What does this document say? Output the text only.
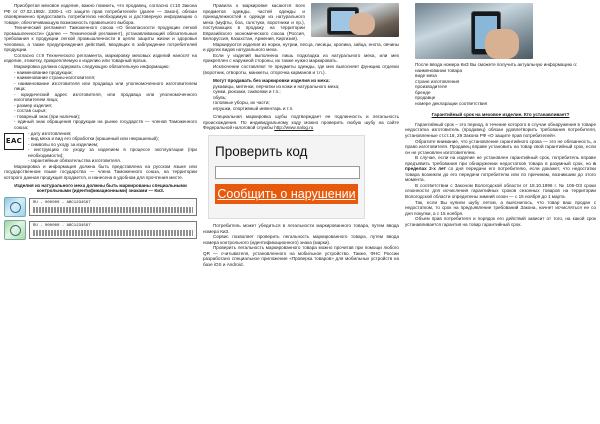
Приобретая меховое изделие, важно помнить, что продавец, согласно ст.10 Закона РФ от 07.02.1992г. 2300-1 «О защите прав потребителей» (далее — Закон), обязан своевременно предоставить потребителю необходимую и достоверную информацию о товаре, обеспечивающую возможность правильного выбора.

Технический регламент Таможенного союза «О безопасности продукции легкой промышленности» (далее — Технический регламент), устанавливающий обязательные требования к продукции легкой промышленности в целях защиты жизни и здоровья человека, а также предупреждения действий, вводящих в заблуждение потребителей продукции.

Согласно ст.9 Технического регламента, маркировку меховых изделий наносят на изделие, этикетку, прикрепляемую к изделию или товарный ярлык.

Маркировка должна содержать следующую обязательную информацию:

- наименование продукции;

- наименование страны-изготовителя;

- наименование изготовителя или продавца или уполномоченного изготовителем лица;

- юридический адрес изготовителя, или продавца или уполномоченного изготовителем лица;

- размер изделия;

- состав сырья;

- товарный знак (при наличии);

- единый знак обращения продукции на рынке государств — членов Таможенного союза;

EAC

- дату изготовления;

- вид меха и вид его обработки (крашеный или некрашеный);

- символы по уходу за изделием;

- инструкцию по уходу за изделием в процессе эксплуатации (при необходимости);

- гарантийные обязательства изготовителя.

Маркировка и информация должна быть представлена на русском языке или государственном языке государства — члена Таможенного союза, на территории которого данная продукция продается, и нанесена в удобном для прочтения месте.

Изделия из натурального меха должны быть маркированы специальными контрольными (идентификационными) знаками — КиЗ.

RU - 000000 - ABC1234567
RU - 000000 - ABC1234567

Правила о маркировке касаются всех предметов одежды, частей одежды и принадлежностей к одежде из натурального меха (муфты, боа, галстуки, воротники и пр.), поступающих в продажу на территории Евразийского экономического союза (Россия, Белоруссия, Казахстан, Армения, Киргизия).

Маркируются изделия из норки, нутрии, песца, лисицы, кролика, зайца, енота, овчины и других видов натурального меха.

Если у изделий выполнена лишь подкладка из натурального меха, или мех прикреплен с наружной стороны, их также нужно маркировать.

Исключение составляют те предметы одежды, где мех выполняет функцию отделки (воротник, отвороты, манжеты, оторочка карманов и т.п.).

Могут продавать без маркировки изделия из меха:

рукавицы, митенки, перчатки из кожи и натурального меха;

сумки, рюкзаки, саквояжи и т.п.;

обувь;

головные уборы, их части;

игрушки, спортивный инвентарь и т.п.

Специальная маркировка шубы подтверждает ее подлинность и легальность происхождения. По индивидуальному коду можно проверить любую шубу на сайте Федеральной налоговой службы http://www.nalog.ru

Проверить код
Сообщить о нарушении

Потребитель может убедиться в легальности маркированного товара, путем ввода номера КиЗ.

Сервис позволяет проверить легальность маркированного товара, путем ввода номера контрольного (идентификационного) знака (марки).

Проверить легальность маркированного товара можно прочитав при помощи любого QR — считывателя, установленного на мобильное устройство. Также, ФНС России разработано специальное приложение «Проверка товаров» для мобильных устройств на базе iOS и Android.

После ввода номера КиЗ Вы сможете получить актуальную информацию о:

наименовании товара

виде меха

стране изготовления

производителе

бренде

продавце

номере декларации соответствия

Гарантийный срок на меховое изделие. Кто устанавливает?

Гарантийный срок – это период, в течение которого в случае обнаружения в товаре недостатка изготовитель (продавец) обязан удовлетворить требования потребителя, установленные ст.ст.18, 29 Закона РФ «О защите прав потребителей».

Обратите внимание, что установление гарантийного срока — это не обязанность, а право изготовителя. Продавец вправе установить на товар свой гарантийный срок, если он не установлен изготовителем.

В случае, если на изделие не установлен гарантийный срок, потребитель вправе предъявить требования при обнаружении недостатков товара в разумный срок, но в пределах 2-х лет со дня передачи его потребителю, если докажет, что недостатки товара возникли до его передачи потребителю или по причинам, возникшим до этого момента.

В соответствии с Законом Вологодской области от 18.10.1996 г. № 106-ОЗ сроки сезонности для исчисления гарантийных сроков сезонных товаров на территории Вологодской области определены зимний сезон — с 15 ноября до 1 марта.

Так, если Вы купили шубу летом, а выяснилось, что товар ваш продан с недостатком, то срок на предъявление требований Закона, начнет исчисляться не со дня покупки, а с 15 ноября.

Объем прав потребителя и порядок его действий зависит от того, на какой срок устанавливается гарантия на товар гарантийный срок.
